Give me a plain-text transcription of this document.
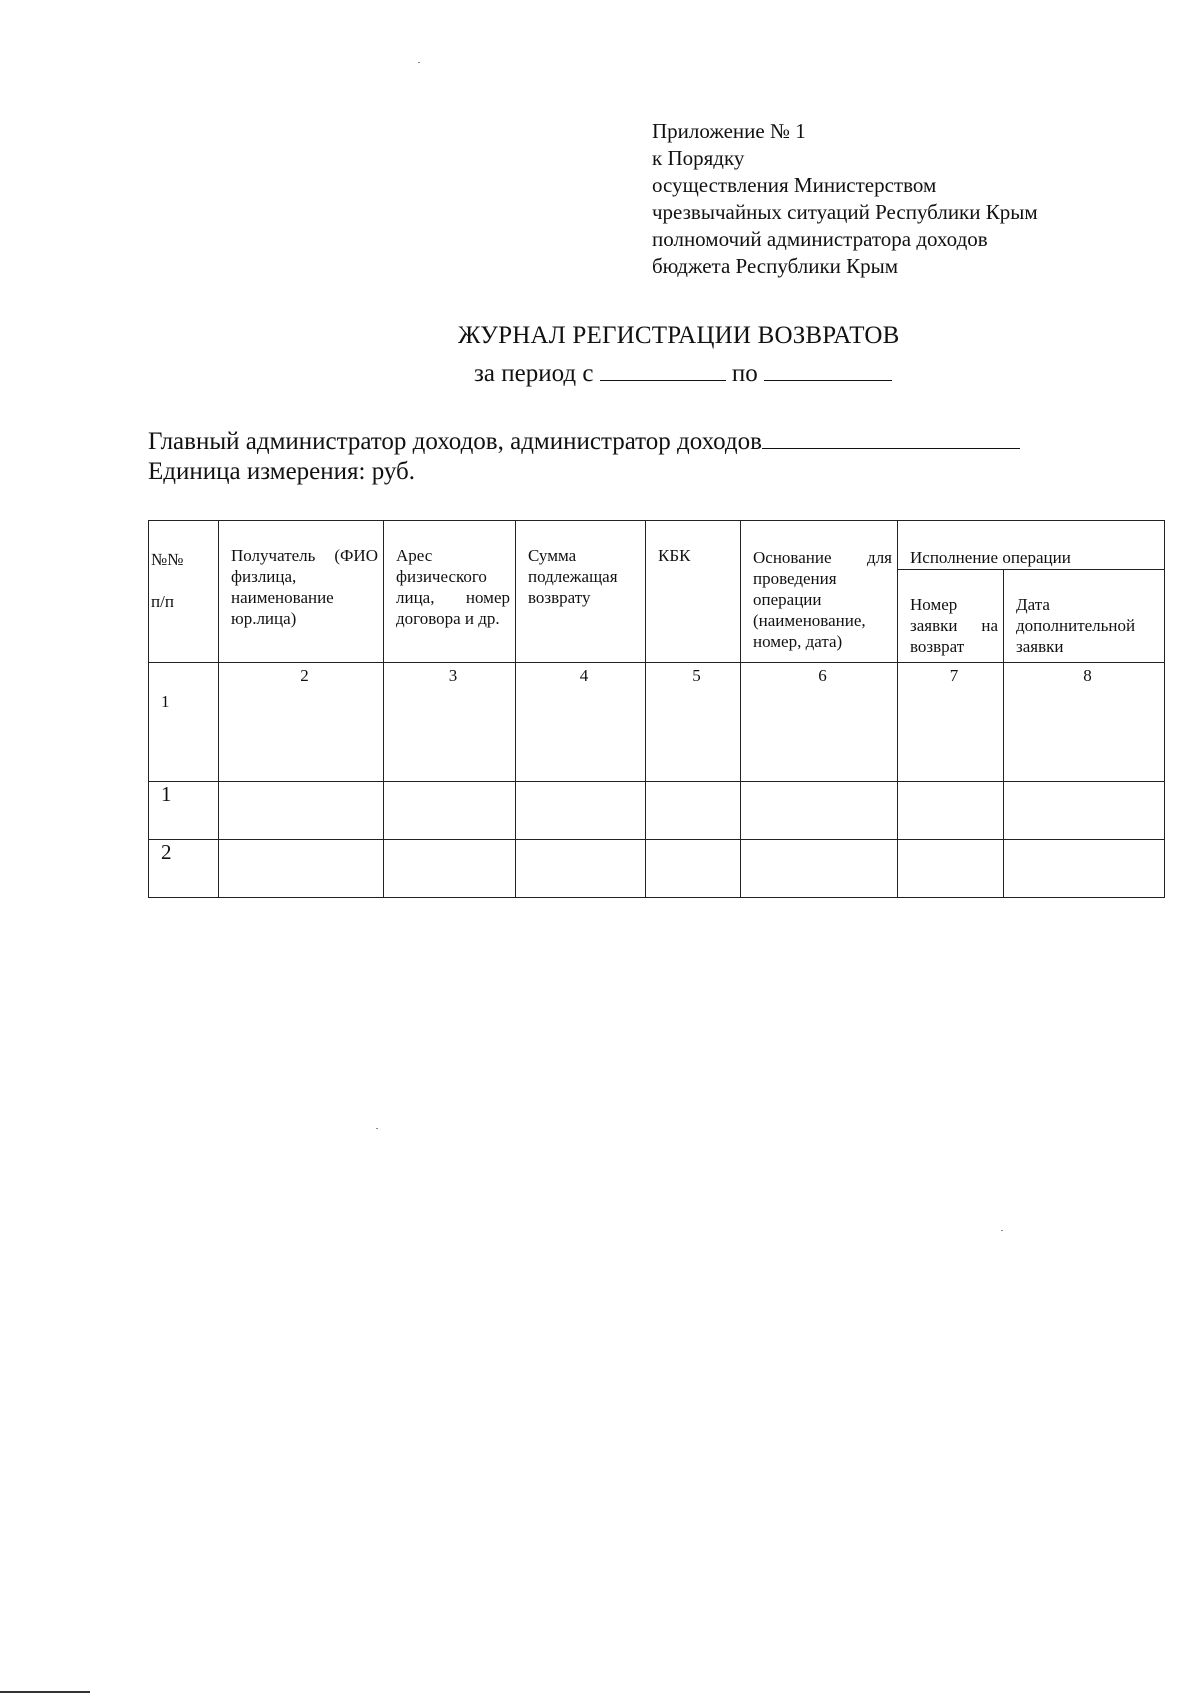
Приложение № 1
к Порядку
осуществления Министерством
чрезвычайных ситуаций Республики Крым
полномочий администратора доходов
бюджета Республики Крым
ЖУРНАЛ РЕГИСТРАЦИИ ВОЗВРАТОВ
за период с	по
Главный администратор доходов, администратор доходов
Единица измерения: руб.
№№ п/п	Получатель (ФИО физлица, наименование юр.лица)	Арес физического лица, номер договора и др.	Сумма подлежащая возврату	КБК	Основание для проведения операции (наименование, номер, дата)	Исполнение операции	
						Номер заявки на возврат	Дата дополнительной заявки
1	2	3	4	5	6	7	8
1							
2							
